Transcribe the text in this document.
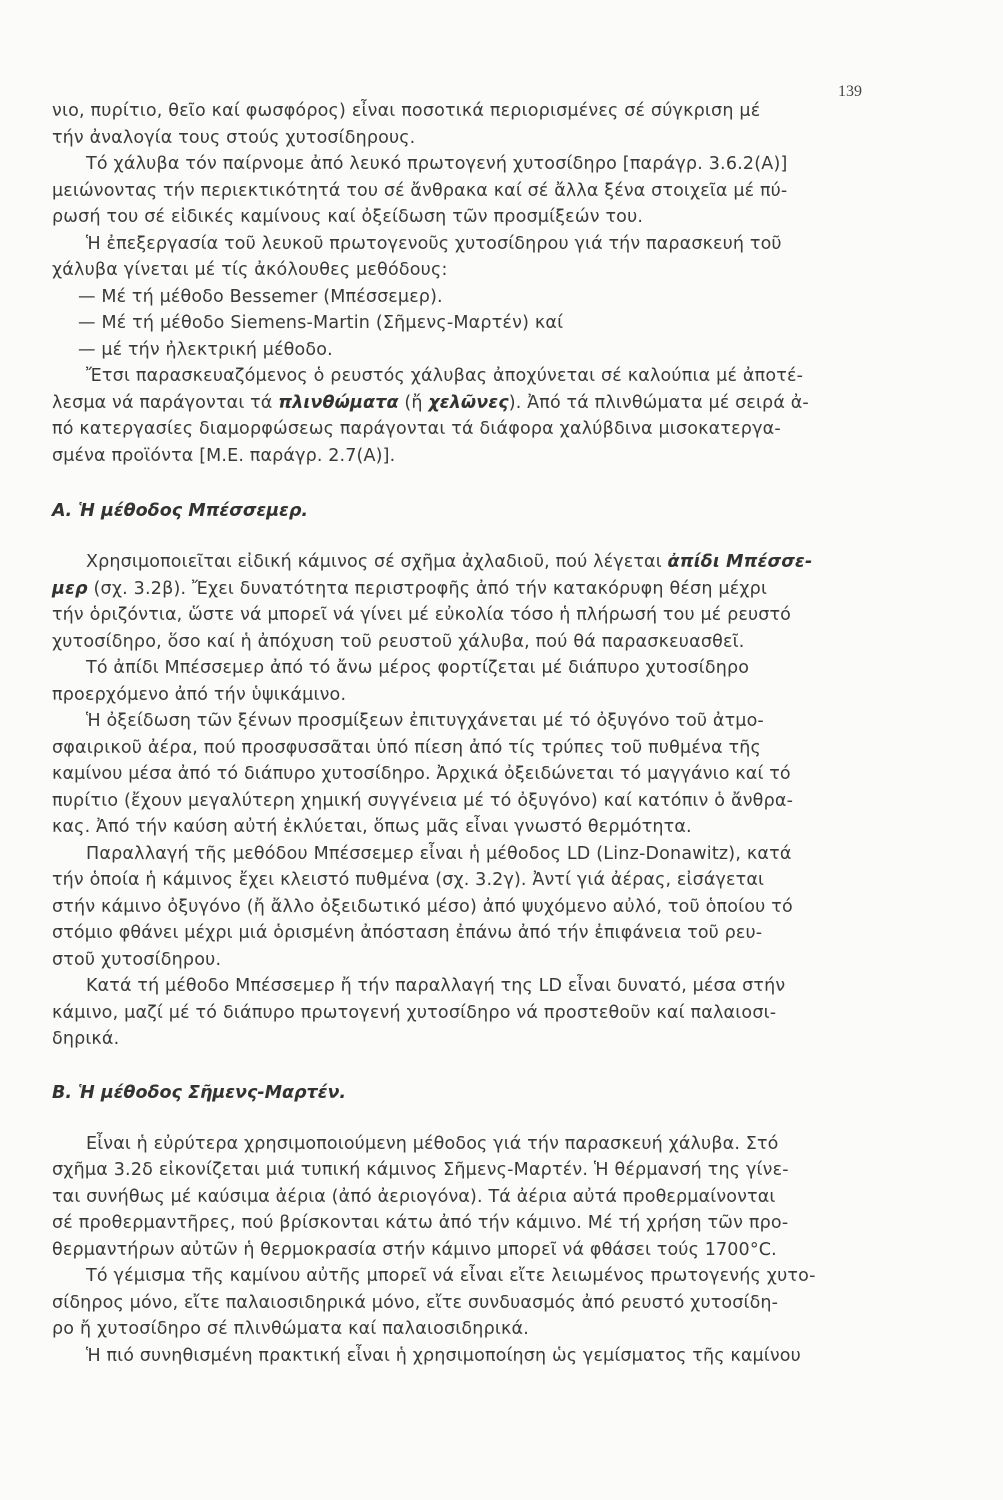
139
νιο, πυρίτιο, θεῖο καί φωσφόρος) εἶναι ποσοτικά περιορισμένες σέ σύγκριση μέ
τήν ἀναλογία τους στούς χυτοσίδηρους.
Τό χάλυβα τόν παίρνομε ἀπό λευκό πρωτογενή χυτοσίδηρο [παράγρ. 3.6.2(Α)]
μειώνοντας τήν περιεκτικότητά του σέ ἄνθρακα καί σέ ἄλλα ξένα στοιχεῖα μέ πύ-
ρωσή του σέ εἰδικές καμίνους καί ὀξείδωση τῶν προσμίξεών του.
Ἡ ἐπεξεργασία τοῦ λευκοῦ πρωτογενοῦς χυτοσίδηρου γιά τήν παρασκευή τοῦ
χάλυβα γίνεται μέ τίς ἀκόλουθες μεθόδους:
— Μέ τή μέθοδο Bessemer (Μπέσσεμερ).
— Μέ τή μέθοδο Siemens-Martin (Σῆμενς-Μαρτέν) καί
— μέ τήν ἠλεκτρική μέθοδο.
Ἔτσι παρασκευαζόμενος ὁ ρευστός χάλυβας ἀποχύνεται σέ καλούπια μέ ἀποτέ-
λεσμα νά παράγονται τά πλινθώματα (ἤ χελῶνες). Ἀπό τά πλινθώματα μέ σειρά ἀ-
πό κατεργασίες διαμορφώσεως παράγονται τά διάφορα χαλύβδινα μισοκατεργα-
σμένα προϊόντα [Μ.Ε. παράγρ. 2.7(Α)].
Α. Ἡ μέθοδος Μπέσσεμερ.
Χρησιμοποιεῖται εἰδική κάμινος σέ σχῆμα ἀχλαδιοῦ, πού λέγεται ἀπίδι Μπέσσε-
μερ (σχ. 3.2β). Ἔχει δυνατότητα περιστροφῆς ἀπό τήν κατακόρυφη θέση μέχρι
τήν ὁριζόντια, ὥστε νά μπορεῖ νά γίνει μέ εὐκολία τόσο ἡ πλήρωσή του μέ ρευστό
χυτοσίδηρο, ὅσο καί ἡ ἀπόχυση τοῦ ρευστοῦ χάλυβα, πού θά παρασκευασθεῖ.
Τό ἀπίδι Μπέσσεμερ ἀπό τό ἄνω μέρος φορτίζεται μέ διάπυρο χυτοσίδηρο
προερχόμενο ἀπό τήν ὑψικάμινο.
Ἡ ὀξείδωση τῶν ξένων προσμίξεων ἐπιτυγχάνεται μέ τό ὀξυγόνο τοῦ ἀτμο-
σφαιρικοῦ ἀέρα, πού προσφυσσᾶται ὑπό πίεση ἀπό τίς τρύπες τοῦ πυθμένα τῆς
καμίνου μέσα ἀπό τό διάπυρο χυτοσίδηρο. Ἀρχικά ὀξειδώνεται τό μαγγάνιο καί τό
πυρίτιο (ἔχουν μεγαλύτερη χημική συγγένεια μέ τό ὀξυγόνο) καί κατόπιν ὁ ἄνθρα-
κας. Ἀπό τήν καύση αὐτή ἐκλύεται, ὅπως μᾶς εἶναι γνωστό θερμότητα.
Παραλλαγή τῆς μεθόδου Μπέσσεμερ εἶναι ἡ μέθοδος LD (Linz-Donawitz), κατά
τήν ὁποία ἡ κάμινος ἔχει κλειστό πυθμένα (σχ. 3.2γ). Ἀντί γιά ἀέρας, εἰσάγεται
στήν κάμινο ὀξυγόνο (ἤ ἄλλο ὀξειδωτικό μέσο) ἀπό ψυχόμενο αὐλό, τοῦ ὁποίου τό
στόμιο φθάνει μέχρι μιά ὁρισμένη ἀπόσταση ἐπάνω ἀπό τήν ἐπιφάνεια τοῦ ρευ-
στοῦ χυτοσίδηρου.
Κατά τή μέθοδο Μπέσσεμερ ἤ τήν παραλλαγή της LD εἶναι δυνατό, μέσα στήν
κάμινο, μαζί μέ τό διάπυρο πρωτογενή χυτοσίδηρο νά προστεθοῦν καί παλαιοσι-
δηρικά.
Β. Ἡ μέθοδος Σῆμενς-Μαρτέν.
Εἶναι ἡ εὐρύτερα χρησιμοποιούμενη μέθοδος γιά τήν παρασκευή χάλυβα. Στό
σχῆμα 3.2δ εἰκονίζεται μιά τυπική κάμινος Σῆμενς-Μαρτέν. Ἡ θέρμανσή της γίνε-
ται συνήθως μέ καύσιμα ἀέρια (ἀπό ἀεριογόνα). Τά ἀέρια αὐτά προθερμαίνονται
σέ προθερμαντῆρες, πού βρίσκονται κάτω ἀπό τήν κάμινο. Μέ τή χρήση τῶν προ-
θερμαντήρων αὐτῶν ἡ θερμοκρασία στήν κάμινο μπορεῖ νά φθάσει τούς 1700°C.
Τό γέμισμα τῆς καμίνου αὐτῆς μπορεῖ νά εἶναι εἴτε λειωμένος πρωτογενής χυτο-
σίδηρος μόνο, εἴτε παλαιοσιδηρικά μόνο, εἴτε συνδυασμός ἀπό ρευστό χυτοσίδη-
ρο ἤ χυτοσίδηρο σέ πλινθώματα καί παλαιοσιδηρικά.
Ἡ πιό συνηθισμένη πρακτική εἶναι ἡ χρησιμοποίηση ὡς γεμίσματος τῆς καμίνου
